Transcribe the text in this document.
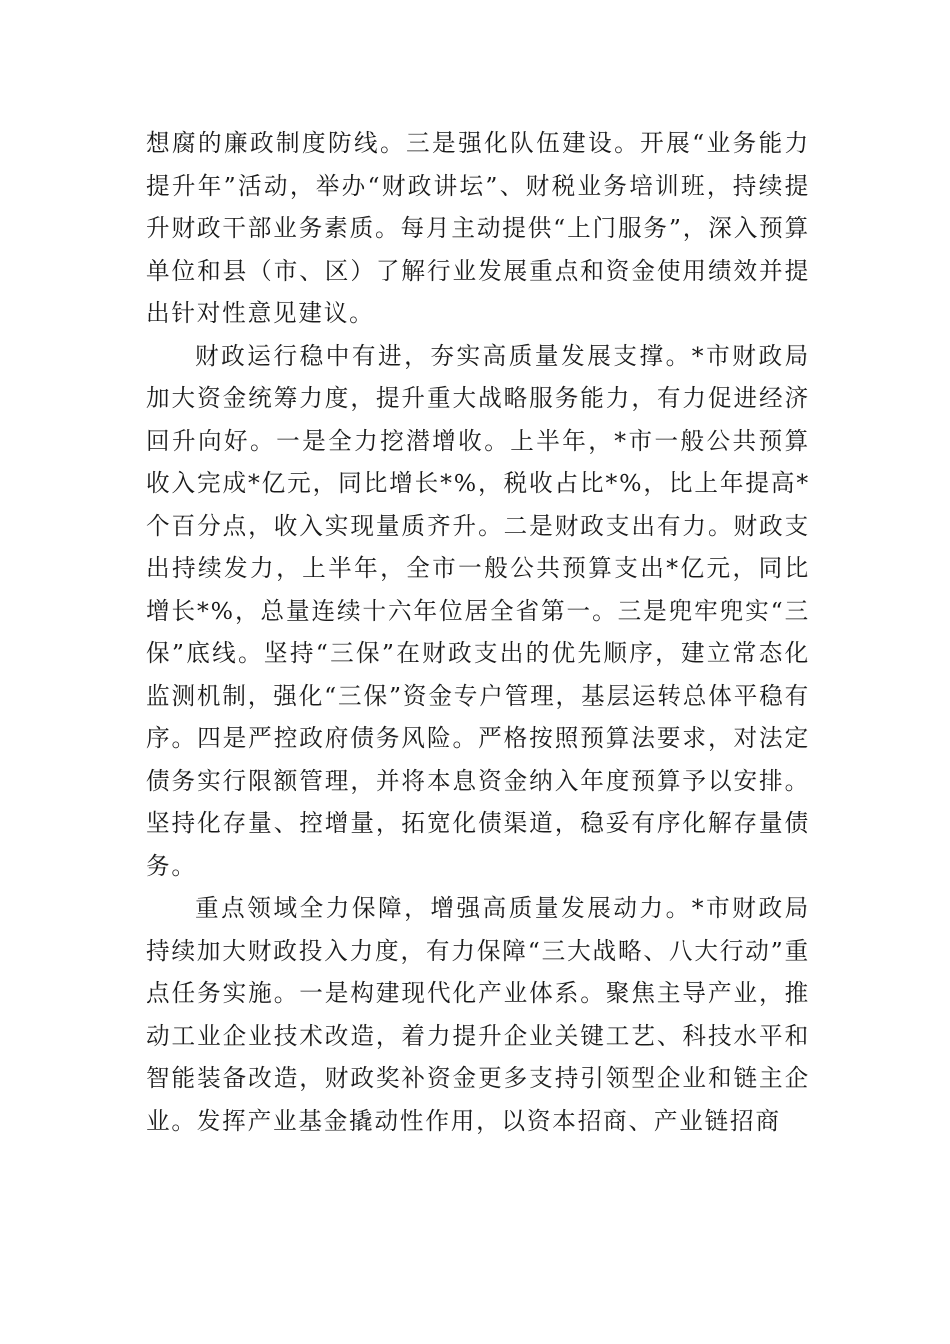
想腐的廉政制度防线。三是强化队伍建设。开展“业务能力提升年”活动，举办“财政讲坛”、财税业务培训班，持续提升财政干部业务素质。每月主动提供“上门服务”，深入预算单位和县（市、区）了解行业发展重点和资金使用绩效并提出针对性意见建议。

财政运行稳中有进，夯实高质量发展支撑。*市财政局加大资金统筹力度，提升重大战略服务能力，有力促进经济回升向好。一是全力挖潜增收。上半年，*市一般公共预算收入完成*亿元，同比增长*%，税收占比*%，比上年提高*个百分点，收入实现量质齐升。二是财政支出有力。财政支出持续发力，上半年，全市一般公共预算支出*亿元，同比增长*%，总量连续十六年位居全省第一。三是兜牢兜实“三保”底线。坚持“三保”在财政支出的优先顺序，建立常态化监测机制，强化“三保”资金专户管理，基层运转总体平稳有序。四是严控政府债务风险。严格按照预算法要求，对法定债务实行限额管理，并将本息资金纳入年度预算予以安排。坚持化存量、控增量，拓宽化债渠道，稳妥有序化解存量债务。

重点领域全力保障，增强高质量发展动力。*市财政局持续加大财政投入力度，有力保障“三大战略、八大行动”重点任务实施。一是构建现代化产业体系。聚焦主导产业，推动工业企业技术改造，着力提升企业关键工艺、科技水平和智能装备改造，财政奖补资金更多支持引领型企业和链主企业。发挥产业基金撬动性作用，以资本招商、产业链招商
